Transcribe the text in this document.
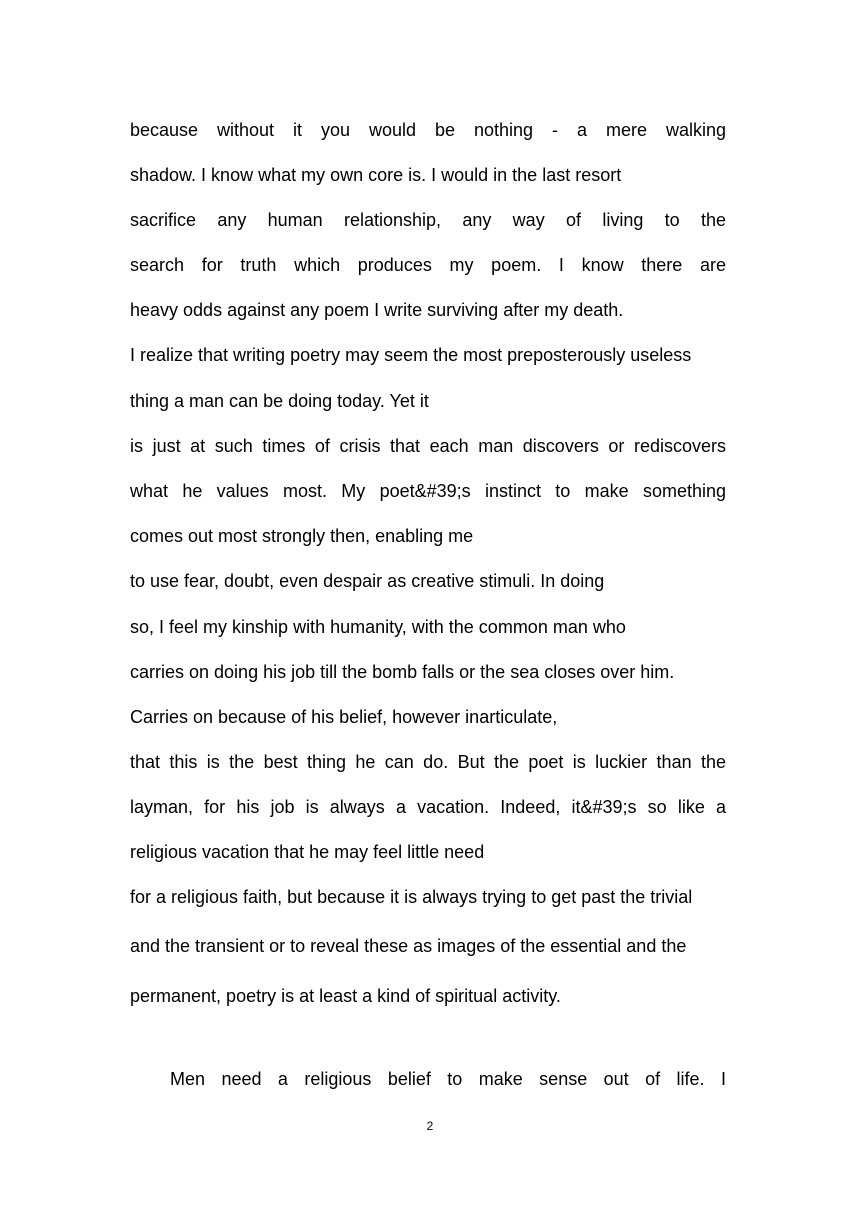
because without it you would be nothing - a mere walking
shadow. I know what my own core is. I would in the last resort
sacrifice any human relationship, any way of living to the
search for truth which produces my poem. I know there are
heavy odds against any poem I write surviving after my death.
I realize that writing poetry may seem the most preposterously useless
thing a man can be doing today. Yet it
is just at such times of crisis that each man discovers or rediscovers
what he values most. My poet&#39;s instinct to make something
comes out most strongly then, enabling me
to use fear, doubt, even despair as creative stimuli. In doing
so, I feel my kinship with humanity, with the common man who
carries on doing his job till the bomb falls or the sea closes over him.
Carries on because of his belief, however inarticulate,
that this is the best thing he can do. But the poet is luckier than the
layman, for his job is always a vacation. Indeed, it&#39;s so like a
religious vacation that he may feel little need
for a religious faith, but because it is always trying to get past the trivial
and the transient or to reveal these as images of the essential and the
permanent, poetry is at least a kind of spiritual activity.
Men need a religious belief to make sense out of life. I
2
